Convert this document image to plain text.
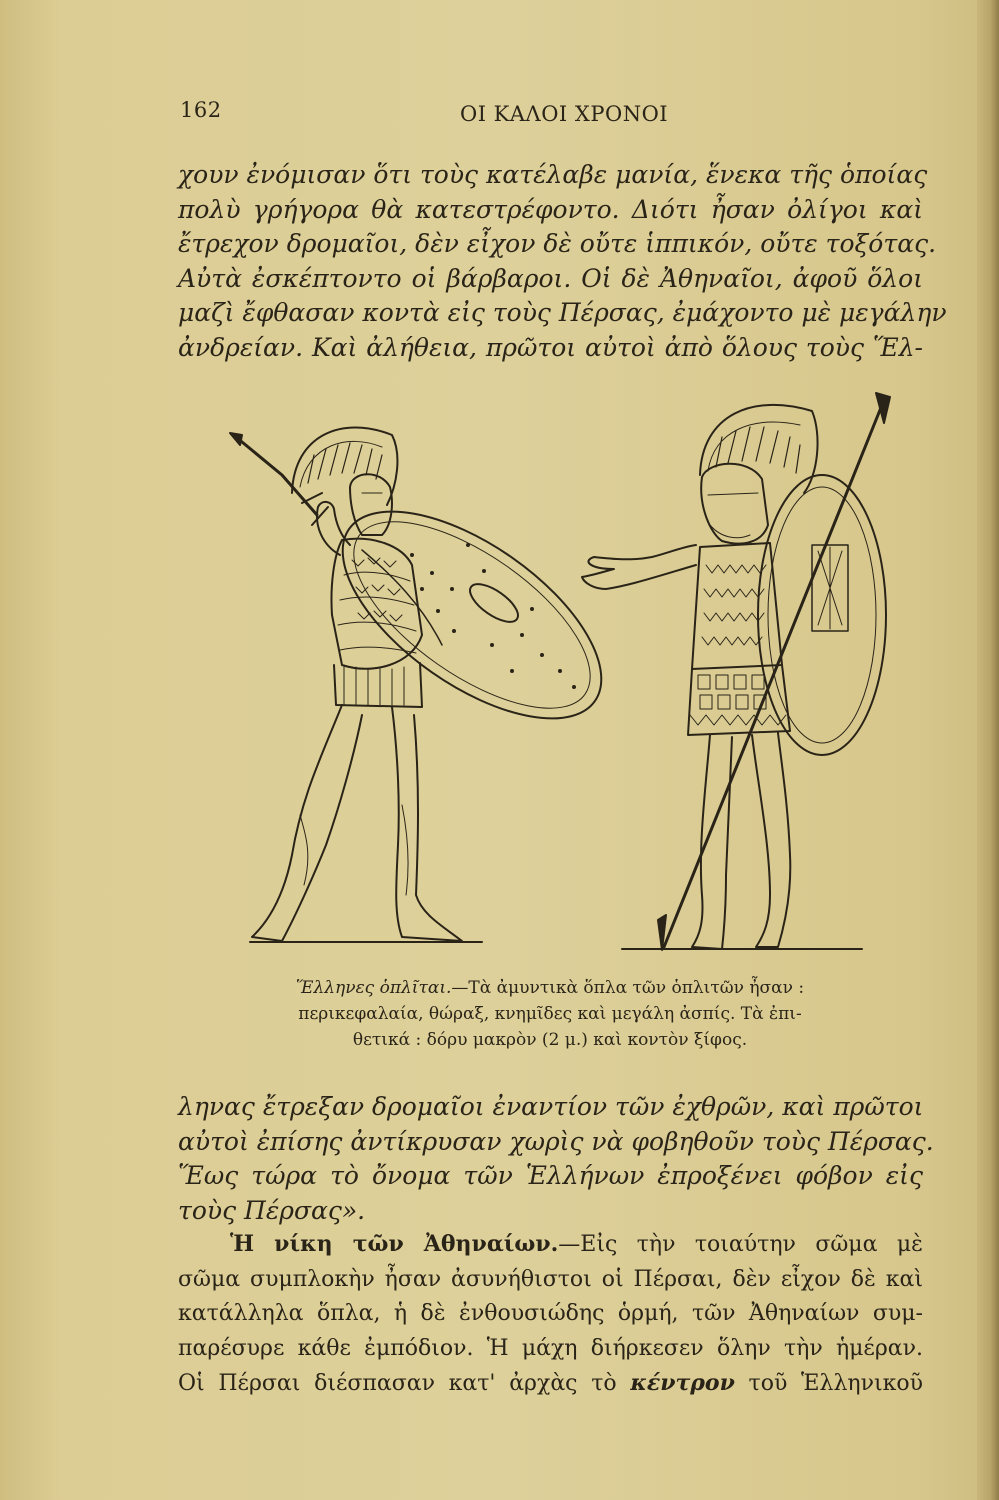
162	ΟΙ ΚΑΛΟΙ ΧΡΟΝΟΙ
χουν ἐνόμισαν ὅτι τοὺς κατέλαβε μανία, ἕνεκα τῆς ὁποίας
πολὺ γρήγορα θὰ κατεστρέφοντο. Διότι ἦσαν ὀλίγοι καὶ
ἔτρεχον δρομαῖοι, δὲν εἶχον δὲ οὔτε ἱππικόν, οὔτε τοξότας.
Αὐτὰ ἐσκέπτοντο οἱ βάρβαροι. Οἱ δὲ Ἀθηναῖοι, ἀφοῦ ὅλοι
μαζὶ ἔφθασαν κοντὰ εἰς τοὺς Πέρσας, ἐμάχοντο μὲ μεγάλην
ἀνδρείαν. Καὶ ἀλήθεια, πρῶτοι αὐτοὶ ἀπὸ ὅλους τοὺς Ἕλ-
Ἕλληνες ὁπλῖται.—Τὰ ἀμυντικὰ ὅπλα τῶν ὁπλιτῶν ἦσαν :
περικεφαλαία, θώραξ, κνημῖδες καὶ μεγάλη ἀσπίς. Τὰ ἐπι-
θετικά : δόρυ μακρὸν (2 μ.) καὶ κοντὸν ξίφος.
ληνας ἔτρεξαν δρομαῖοι ἐναντίον τῶν ἐχθρῶν, καὶ πρῶτοι
αὐτοὶ ἐπίσης ἀντίκρυσαν χωρὶς νὰ φοβηθοῦν τοὺς Πέρσας.
Ἕως τώρα τὸ ὄνομα τῶν Ἑλλήνων ἐπροξένει φόβον εἰς
τοὺς Πέρσας».
Ἡ νίκη τῶν Ἀθηναίων.—Εἰς τὴν τοιαύτην σῶμα μὲ
σῶμα συμπλοκὴν ἦσαν ἀσυνήθιστοι οἱ Πέρσαι, δὲν εἶχον δὲ καὶ
κατάλληλα ὅπλα, ἡ δὲ ἐνθουσιώδης ὁρμή, τῶν Ἀθηναίων συμ-
παρέσυρε κάθε ἐμπόδιον. Ἡ μάχη διήρκεσεν ὅλην τὴν ἡμέραν.
Οἱ Πέρσαι διέσπασαν κατ' ἀρχὰς τὸ κέντρον τοῦ Ἑλληνικοῦ
